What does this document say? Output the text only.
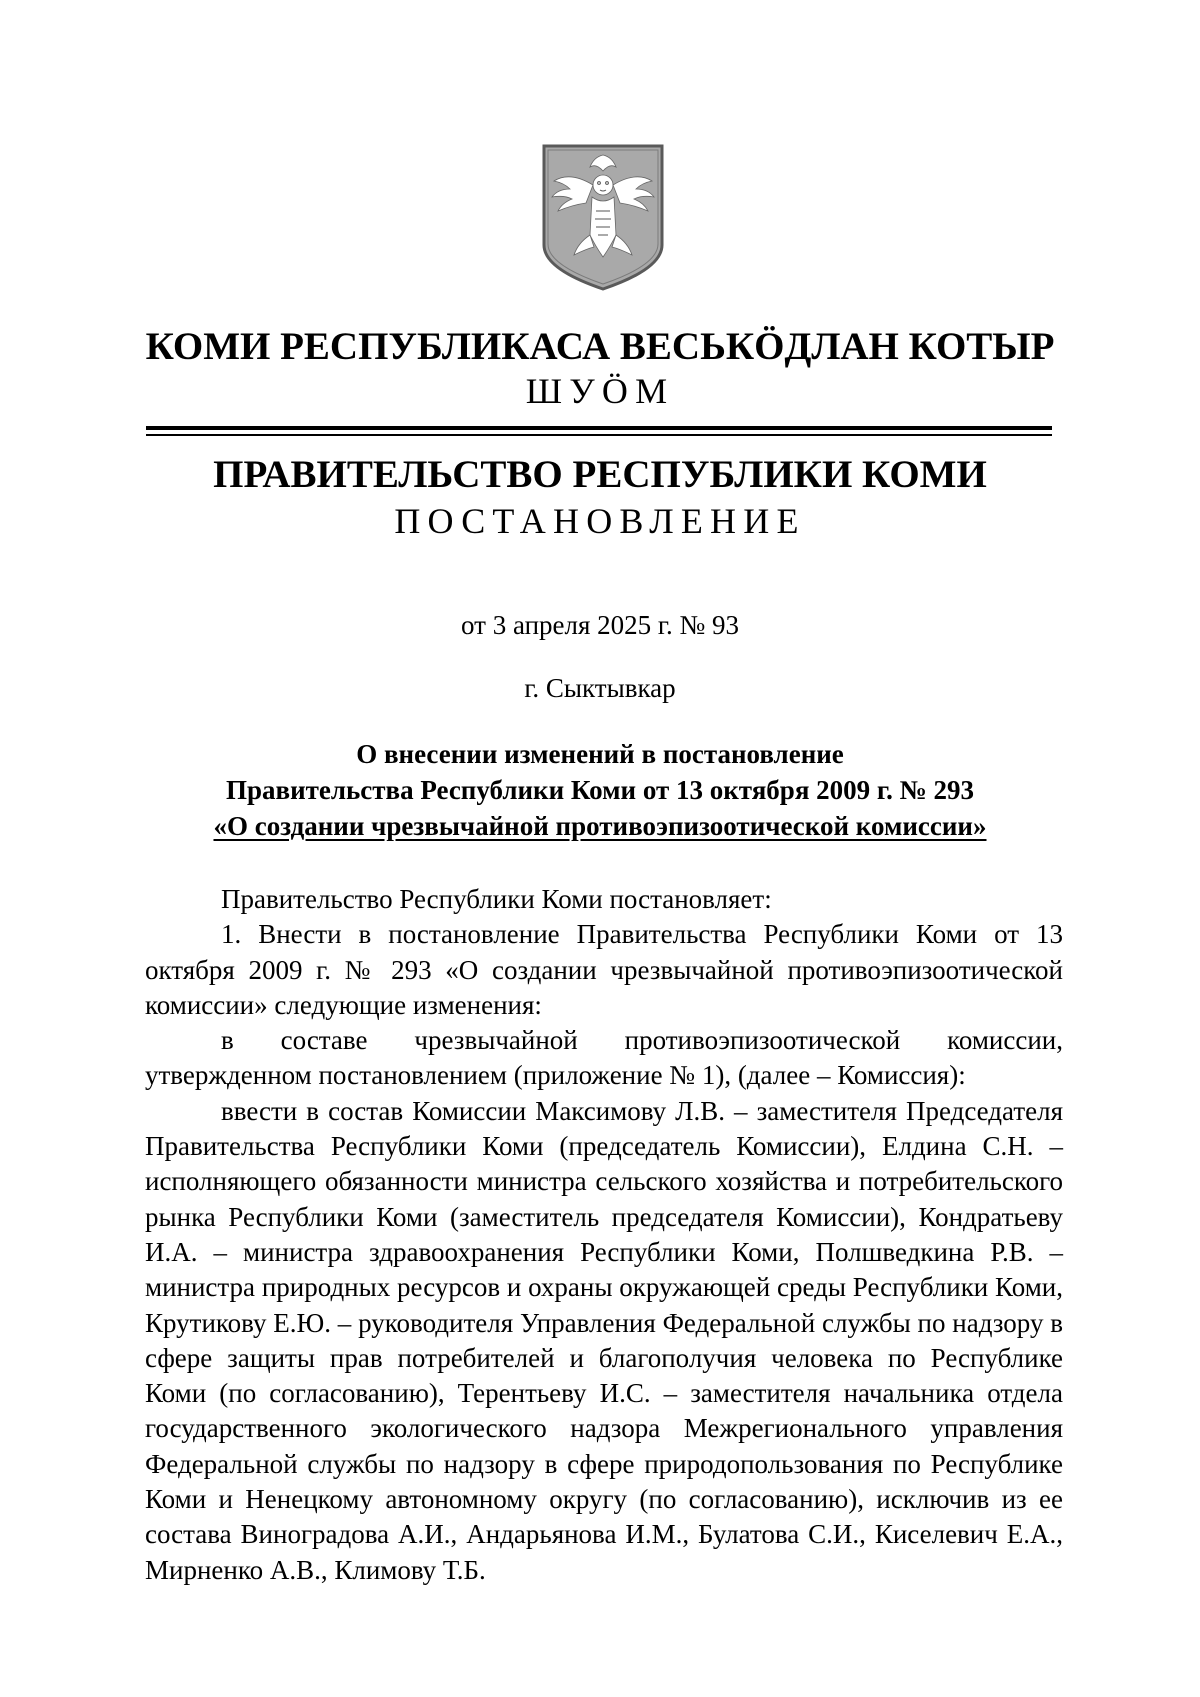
КОМИ РЕСПУБЛИКАСА ВЕСЬКӦДЛАН КОТЫР
ШУӦМ
ПРАВИТЕЛЬСТВО РЕСПУБЛИКИ КОМИ
ПОСТАНОВЛЕНИЕ
от 3 апреля 2025 г. № 93
г. Сыктывкар
О внесении изменений в постановление
Правительства Республики Коми от 13 октября 2009 г. № 293
«О создании чрезвычайной противоэпизоотической комиссии»

Правительство Республики Коми постановляет:

1. Внести в постановление Правительства Республики Коми от 13 октября 2009 г. № 293 «О создании чрезвычайной противоэпизоотической комиссии» следующие изменения:

в составе чрезвычайной противоэпизоотической комиссии, утвержденном постановлением (приложение № 1), (далее – Комиссия):

ввести в состав Комиссии Максимову Л.В. – заместителя Председателя Правительства Республики Коми (председатель Комиссии), Елдина С.Н. – исполняющего обязанности министра сельского хозяйства и потребительского рынка Республики Коми (заместитель председателя Комиссии), Кондратьеву И.А. – министра здравоохранения Республики Коми, Полшведкина Р.В. – министра природных ресурсов и охраны окружающей среды Республики Коми, Крутикову Е.Ю. – руководителя Управления Федеральной службы по надзору в сфере защиты прав потребителей и благополучия человека по Республике Коми (по согласованию), Терентьеву И.С. – заместителя начальника отдела государственного экологического надзора Межрегионального управления Федеральной службы по надзору в сфере природопользования по Республике Коми и Ненецкому автономному округу (по согласованию), исключив из ее состава Виноградова А.И., Андарьянова И.М., Булатова С.И., Киселевич Е.А., Мирненко А.В., Климову Т.Б.
